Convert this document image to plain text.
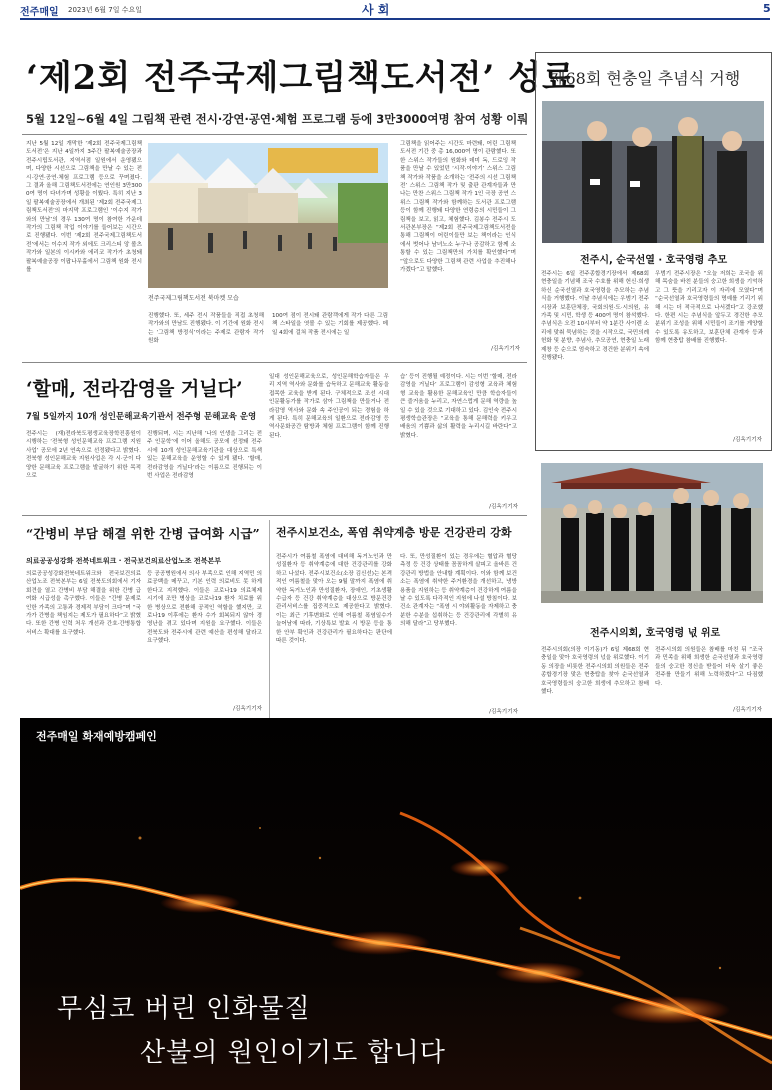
전주매일 2023년 6월 7일 수요일	사 회	5
‘제2회 전주국제그림책도서전’ 성료
5월 12일~6월 4일 그림책 관련 전시·강연·공연·체험 프로그램 등에 3만3000여명 참여 성황 이뤄
지난 5월 12일 개막한 ‘제2회 전주국제그림책도서전’은 지난 4일까지 3주간 팔복예술공장과 전주시립도서관, 지역서점 일원에서 운영됐으며, 다양한 시선으로 그림책을 만날 수 있는 전시·강연·공연·체험 프로그램 등으로 꾸며졌다. 그 결과 올해 그림책도서전에는 연인원 3만3000여 명이 다녀가며 성황을 이뤘다. 특히 지난 3일 팔복예술공장에서 개최된 ‘제2회 전주국제그림책도서전’의 마지막 프로그램인 ‘이수지 작가와의 만남’의 경우 130여 명이 참여한 가운데 작가의 그림책 작업 이야기를 들어보는 시간으로 진행됐다. 이번 ‘제2회 전주국제그림책도서전’에서는 이수지 작가 외에도 크리스티 앙 볼츠 작가와 일본의 이시카와 에리코 작가가 초청돼 팔복예술공장 이팝나무홀에서 그림책 원화 전시를
그림책을 읽어주는 시간도 마련돼, 어린 그림책도서전 기간 중 총 16,000여 명이 관람했다. 또한 스위스 작가들의 원화와 데미 독, 드로잉 작품을 만날 수 있었던 ‘시작·이야기’ 스위스 그림책 작가와 작품을 소개하는 ‘전주의 시선 그림책전’ 스위스 그림책 작가 및 출판 관계자들과 만나는 만찬 스위스 그림책 작가 1인 극장 공연 스위스 그림책 작가와 함께하는 도서관 프로그램 등이 함께 진행돼 다양한 연령층의 시민들이 그림책을 보고, 읽고, 체험했다. 김봉수 전주시 도서관본부장은 “제2회 전주국제그림책도서전을 통해 그림책이 어린이들만 보는 책이라는 인식에서 벗어나 남녀노소 누구나 공감하고 함께 소통할 수 있는 그림책만의 가치를 확인했다”며 “앞으로도 다양한 그림책 관련 사업을 추진해나가겠다”고 말했다.
/김옥기기자
전주국제그림책도서전 북마켓 모습
진행했다. 또, 세주 전시 작품들을 직접 초청해 작가와의 만남도 진행됐다. 이 기간에 원화 전시는 ‘그림책 방정식’이라는 주제로 관람자 작가 원화
100여 점이 전시돼 관람객에게 작가 다른 그림책 스타일을 엿볼 수 있는 기회를 제공했다. 메일 4회에 걸쳐 작품 전시에는 일
제68회 현충일 추념식 거행
전주시, 순국선열 · 호국영령 추모
전주시는 6일 전주종합경기장에서 제68회 현충일을 기념해 조국 수호를 위해 헌신·희생하신 순국선열과 호국영령을 추모하는 추념식을 거행했다. 이날 추념식에는 우범기 전주시장과 보훈단체장, 국회의원·도·시의원, 유가족 및 시민, 학생 등 400여 명이 참석했다. 추념식은 오전 10시부터 약 1분간 사이렌 소리에 맞춰 묵념하는 것을 시작으로, 국민의례 헌화 및 분향, 추념사, 추모공연, 현충일 노래 제창 등 순으로 엄숙하고 경건한 분위기 속에 진행됐다.
우범기 전주시장은 “오늘 저희는 조국을 위해 목숨을 바친 분들의 숭고한 희생을 기억하고 그 뜻을 기리고자 이 자리에 모였다”며 “순국선열과 호국영령들의 명예를 기리기 위해 시는 더 적극적으로 나서겠다”고 강조했다. 한편 시는 추념식을 앞두고 경건한 추모 분위기 조성을 위해 시민들이 조기를 게양할 수 있도록 유도하고, 보훈단체 관계자 등과 함께 현충탑 참배를 진행했다.
/김옥기기자
‘할매, 전라감영을 거닐다’
7월 5일까지 10개 성인문해교육기관서 전주형 문해교육 운영
전주시는 (재)전라북도평생교육장학진흥원이 시행하는 ‘전북형 성인문해교육 프로그램 지원사업’ 공모에 2년 연속으로 선정됐다고 밝혔다. 전북형 성인문해교육 지원사업은 각 시·군이 다양한 문해교육 프로그램을 발굴하기 위한 목적으로
진행되며, 시는 지난해 ‘나의 인생을 그리는 전주 인문학’에 이어 올해도 공모에 선정돼 전주시에 10개 성인문해교육기관을 대상으로 특색 있는 문해교육을 운영할 수 있게 됐다. ‘할매, 전라감영을 거닐다’라는 이름으로 진행되는 이번 사업은 전라감영
일대 성인문해교육으로, 성인문해학습자들은 우리 지역 역사와 문화를 습득하고 문해교육 활동을 접목한 교육을 받게 된다. 구체적으로 조선 시대 인문활동가를 작가로 삼아 그림책을 만들거나 전라감영 역사와 문화 속 주인공이 되는 경험을 하게 된다. 특히 문해교육의 일환으로 전라감영 등 역사문화공간 탐방과 체험 프로그램이 함께 진행된다.
습’ 등이 진행될 예정이다. 시는 이번 ‘할매, 전라감영을 거닐다’ 프로그램이 감성형 교육과 체험형 교육을 활용한 문해교육인 만큼 학습자들이 큰 즐거움을 누리고, 자연스럽게 문해 역량을 높일 수 있을 것으로 기대하고 있다. 김인숙 전주시평생학습관장은 “교육을 통해 문해력을 키우고 배움의 기쁨과 삶의 활력을 누리시길 바란다”고 밝혔다.
/김옥기기자
“간병비 부담 해결 위한 간병 급여화 시급”
의료공공성강화 전북네트워크 · 전국보건의료산업노조 전북본부
의료공공성강화전북네트워크와 전국보건의료산업노조 전북본부는 6일 전북도의회에서 기자회견을 열고 간병비 부담 해결을 위한 간병 급여화 시급성을 촉구했다. 이들은 “간병 문제로 인한 가족의 고통과 경제적 부담이 크다”며 “국가가 간병을 책임지는 제도가 필요하다”고 밝혔다. 또한 간병 인력 처우 개선과 간호·간병통합서비스 확대를 요구했다.
등 공공병원에서 의사 부족으로 인해 지역민 의료공백을 메꾸고, 기본 인력 의료비도 못 하게 한다고 지적했다. 이들은 코로나19 의료체제 시기에 조만 병상을 코로나19 환자 치료를 위한 병상으로 전환해 공적인 역할을 했지만, 코로나19 이후에는 환자 수가 회복되지 않아 경영난을 겪고 있다며 지원을 요구했다. 이들은 전북도와 전주시에 관련 예산을 편성해 달라고 요구했다.
/김옥기기자
전주시보건소, 폭염 취약계층 방문 건강관리 강화
전주시가 여름철 폭염에 대비해 독거노인과 만성질환자 등 취약계층에 대한 건강관리를 강화하고 나섰다. 전주시보건소(소장 김신선)는 본격적인 여름철을 맞아 오는 9월 말까지 폭염에 취약한 독거노인과 만성질환자, 장애인, 기초생활수급자 등 건강 취약계층을 대상으로 방문건강관리서비스를 집중적으로 제공한다고 밝혔다. 이는 최근 기후변화로 인해 여름철 폭염일수가 늘어남에 따라, 기상특보 발효 시 방문 등을 통한 안부 확인과 건강관리가 필요하다는 판단에 따른 것이다.
다. 또, 만성질환이 있는 경우에는 혈압과 혈당 측정 등 건강 상태를 꼼꼼하게 살피고 올바른 건강관리 방법을 안내할 계획이다. 이와 함께 보건소는 폭염에 취약한 주거환경을 개선하고, 냉방용품을 지원하는 등 취약계층이 건강하게 여름을 날 수 있도록 다각적인 지원에 나설 방침이다. 보건소 관계자는 “폭염 시 야외활동을 자제하고 충분한 수분을 섭취하는 등 건강관리에 각별히 유의해 달라”고 당부했다.
/김옥기기자
전주시의회, 호국영령 넋 위로
전주시의회(의장 이기동)가 6일 제68회 현충일을 맞아 호국영령의 넋을 위로했다. 이기동 의장을 비롯한 전주시의회 의원들은 전주종합경기장 맞은 현충탑을 찾아 순국선열과 호국영령들의 숭고한 희생에 추모하고 참배했다.
전주시의회 의원들은 참배를 마친 뒤 “조국과 민족을 위해 희생한 순국선열과 호국영령들의 숭고한 정신을 받들어 더욱 살기 좋은 전주를 만들기 위해 노력하겠다”고 다짐했다.
/김옥기기자
전주매일 화재예방캠페인
무심코 버린 인화물질
산불의 원인이기도 합니다
